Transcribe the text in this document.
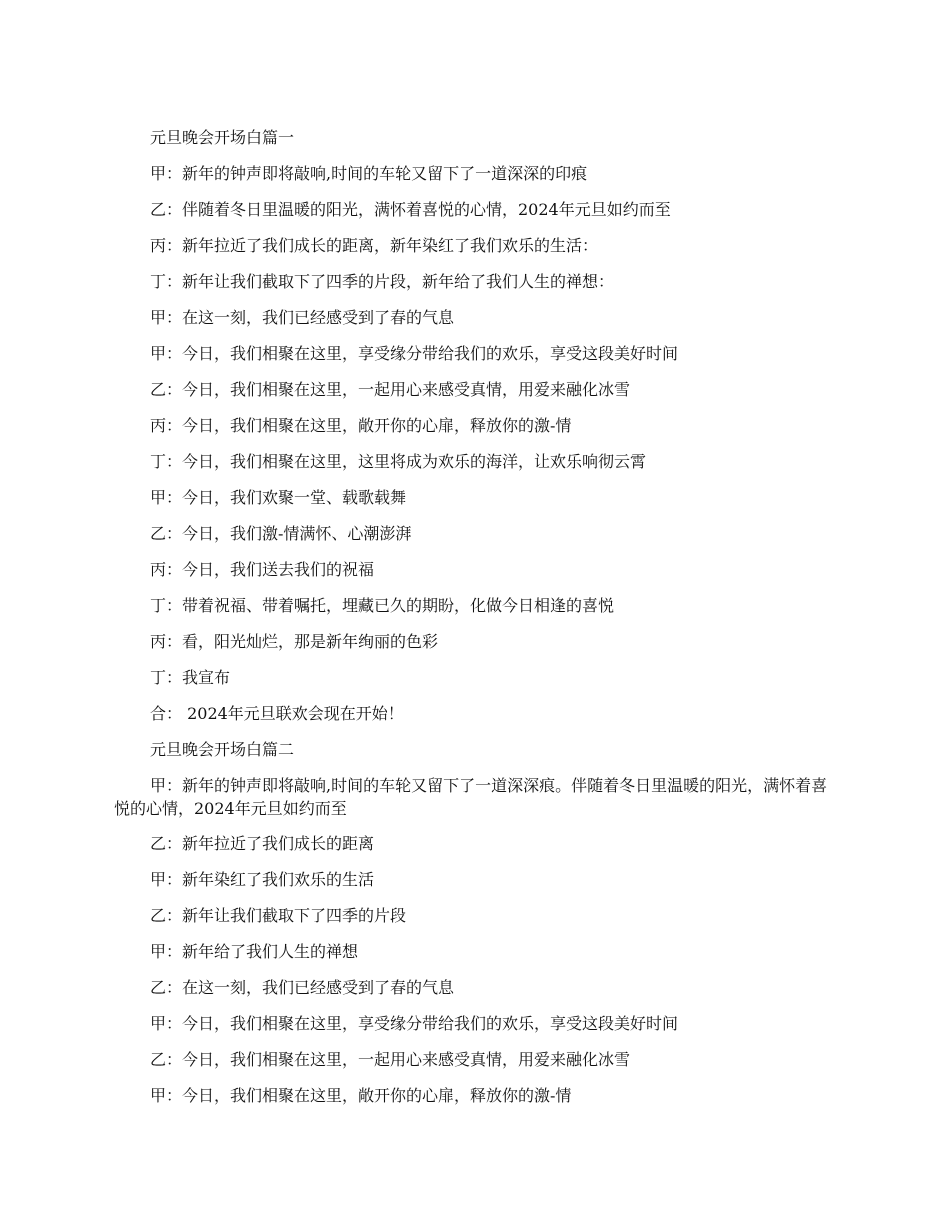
元旦晚会开场白篇一

甲：新年的钟声即将敲响,时间的车轮又留下了一道深深的印痕

乙：伴随着冬日里温暖的阳光，满怀着喜悦的心情，2024年元旦如约而至

丙：新年拉近了我们成长的距离，新年染红了我们欢乐的生活：

丁：新年让我们截取下了四季的片段，新年给了我们人生的禅想：

甲：在这一刻，我们已经感受到了春的气息

甲：今日，我们相聚在这里，享受缘分带给我们的欢乐，享受这段美好时间

乙：今日，我们相聚在这里，一起用心来感受真情，用爱来融化冰雪

丙：今日，我们相聚在这里，敞开你的心扉，释放你的激-情

丁：今日，我们相聚在这里，这里将成为欢乐的海洋，让欢乐响彻云霄

甲：今日，我们欢聚一堂、载歌载舞

乙：今日，我们激-情满怀、心潮澎湃

丙：今日，我们送去我们的祝福

丁：带着祝福、带着嘱托，埋藏已久的期盼，化做今日相逢的喜悦

丙：看，阳光灿烂，那是新年绚丽的色彩

丁：我宣布

合： 2024年元旦联欢会现在开始！

元旦晚会开场白篇二

甲：新年的钟声即将敲响,时间的车轮又留下了一道深深痕。伴随着冬日里温暖的阳光，满怀着喜悦的心情，2024年元旦如约而至

乙：新年拉近了我们成长的距离

甲：新年染红了我们欢乐的生活

乙：新年让我们截取下了四季的片段

甲：新年给了我们人生的禅想

乙：在这一刻，我们已经感受到了春的气息

甲：今日，我们相聚在这里，享受缘分带给我们的欢乐，享受这段美好时间

乙：今日，我们相聚在这里，一起用心来感受真情，用爱来融化冰雪

甲：今日，我们相聚在这里，敞开你的心扉，释放你的激-情
